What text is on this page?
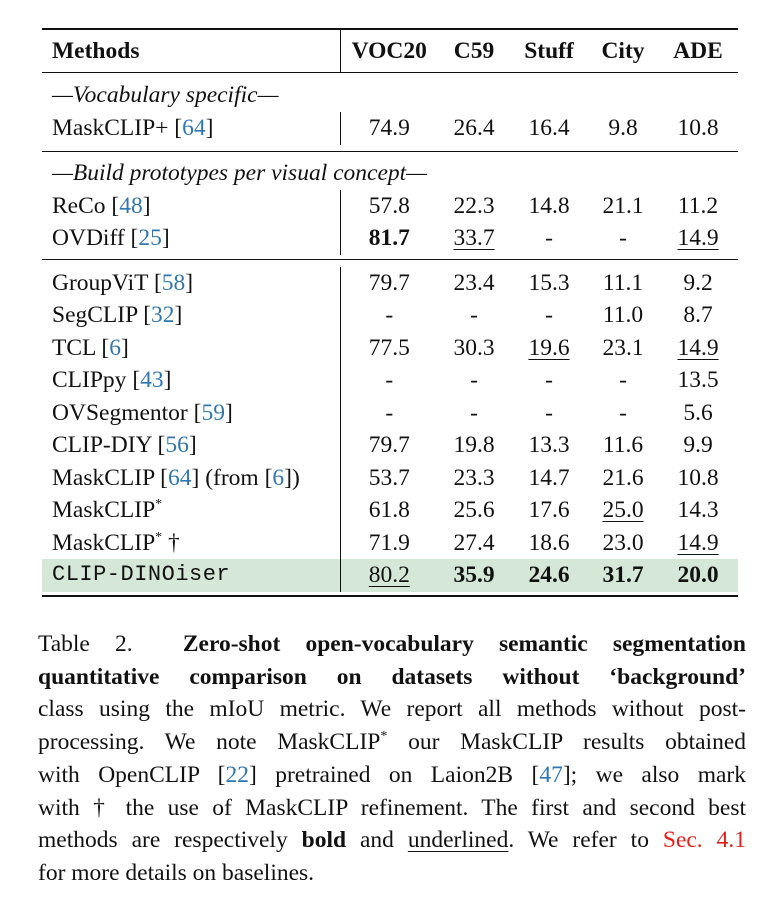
Methods	VOC20	C59	Stuff	City	ADE
—Vocabulary specific—
MaskCLIP+ [64]	74.9	26.4	16.4	9.8	10.8
—Build prototypes per visual concept—					
ReCo [48]	57.8	22.3	14.8	21.1	11.2
OVDiff [25]	81.7	33.7	-	-	14.9
GroupViT [58]	79.7	23.4	15.3	11.1	9.2
SegCLIP [32]	-	-	-	11.0	8.7
TCL [6]	77.5	30.3	19.6	23.1	14.9
CLIPpy [43]	-	-	-	-	13.5
OVSegmentor [59]	-	-	-	-	5.6
CLIP-DIY [56]	79.7	19.8	13.3	11.6	9.9
MaskCLIP [64] (from [6])	53.7	23.3	14.7	21.6	10.8
MaskCLIP*	61.8	25.6	17.6	25.0	14.3
MaskCLIP* †	71.9	27.4	18.6	23.0	14.9
CLIP-DINOiser	80.2	35.9	24.6	31.7	20.0
Table 2. Zero-shot open-vocabulary semantic segmentation
quantitative comparison on datasets without ‘background’
class using the mIoU metric. We report all methods without post-
processing. We note MaskCLIP* our MaskCLIP results obtained
with OpenCLIP [22] pretrained on Laion2B [47]; we also mark
with † the use of MaskCLIP refinement. The first and second best
methods are respectively bold and underlined. We refer to Sec. 4.1
for more details on baselines.
